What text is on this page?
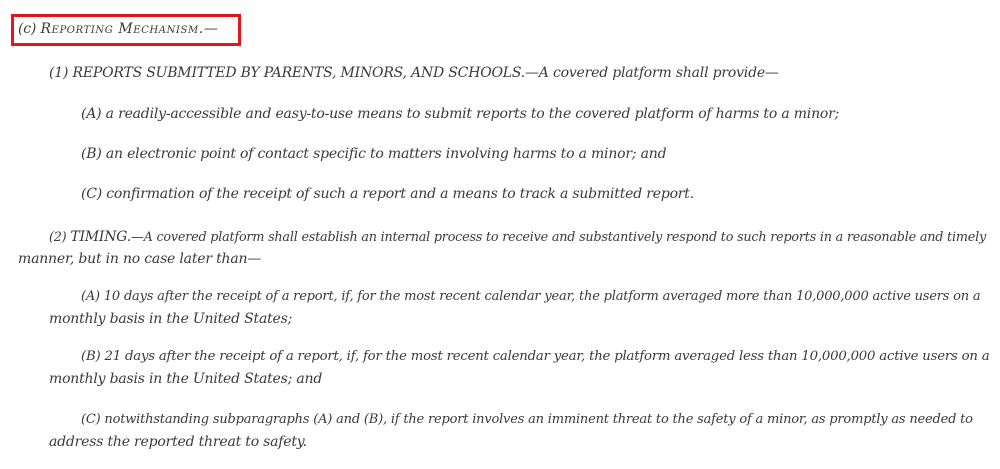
(c) Reporting Mechanism.—
(1) REPORTS SUBMITTED BY PARENTS, MINORS, AND SCHOOLS.—A covered platform shall provide—
(A) a readily-accessible and easy-to-use means to submit reports to the covered platform of harms to a minor;
(B) an electronic point of contact specific to matters involving harms to a minor; and
(C) confirmation of the receipt of such a report and a means to track a submitted report.
(2) TIMING.—A covered platform shall establish an internal process to receive and substantively respond to such reports in a reasonable and timely
manner, but in no case later than—
(A) 10 days after the receipt of a report, if, for the most recent calendar year, the platform averaged more than 10,000,000 active users on a
monthly basis in the United States;
(B) 21 days after the receipt of a report, if, for the most recent calendar year, the platform averaged less than 10,000,000 active users on a
monthly basis in the United States; and
(C) notwithstanding subparagraphs (A) and (B), if the report involves an imminent threat to the safety of a minor, as promptly as needed to
address the reported threat to safety.
